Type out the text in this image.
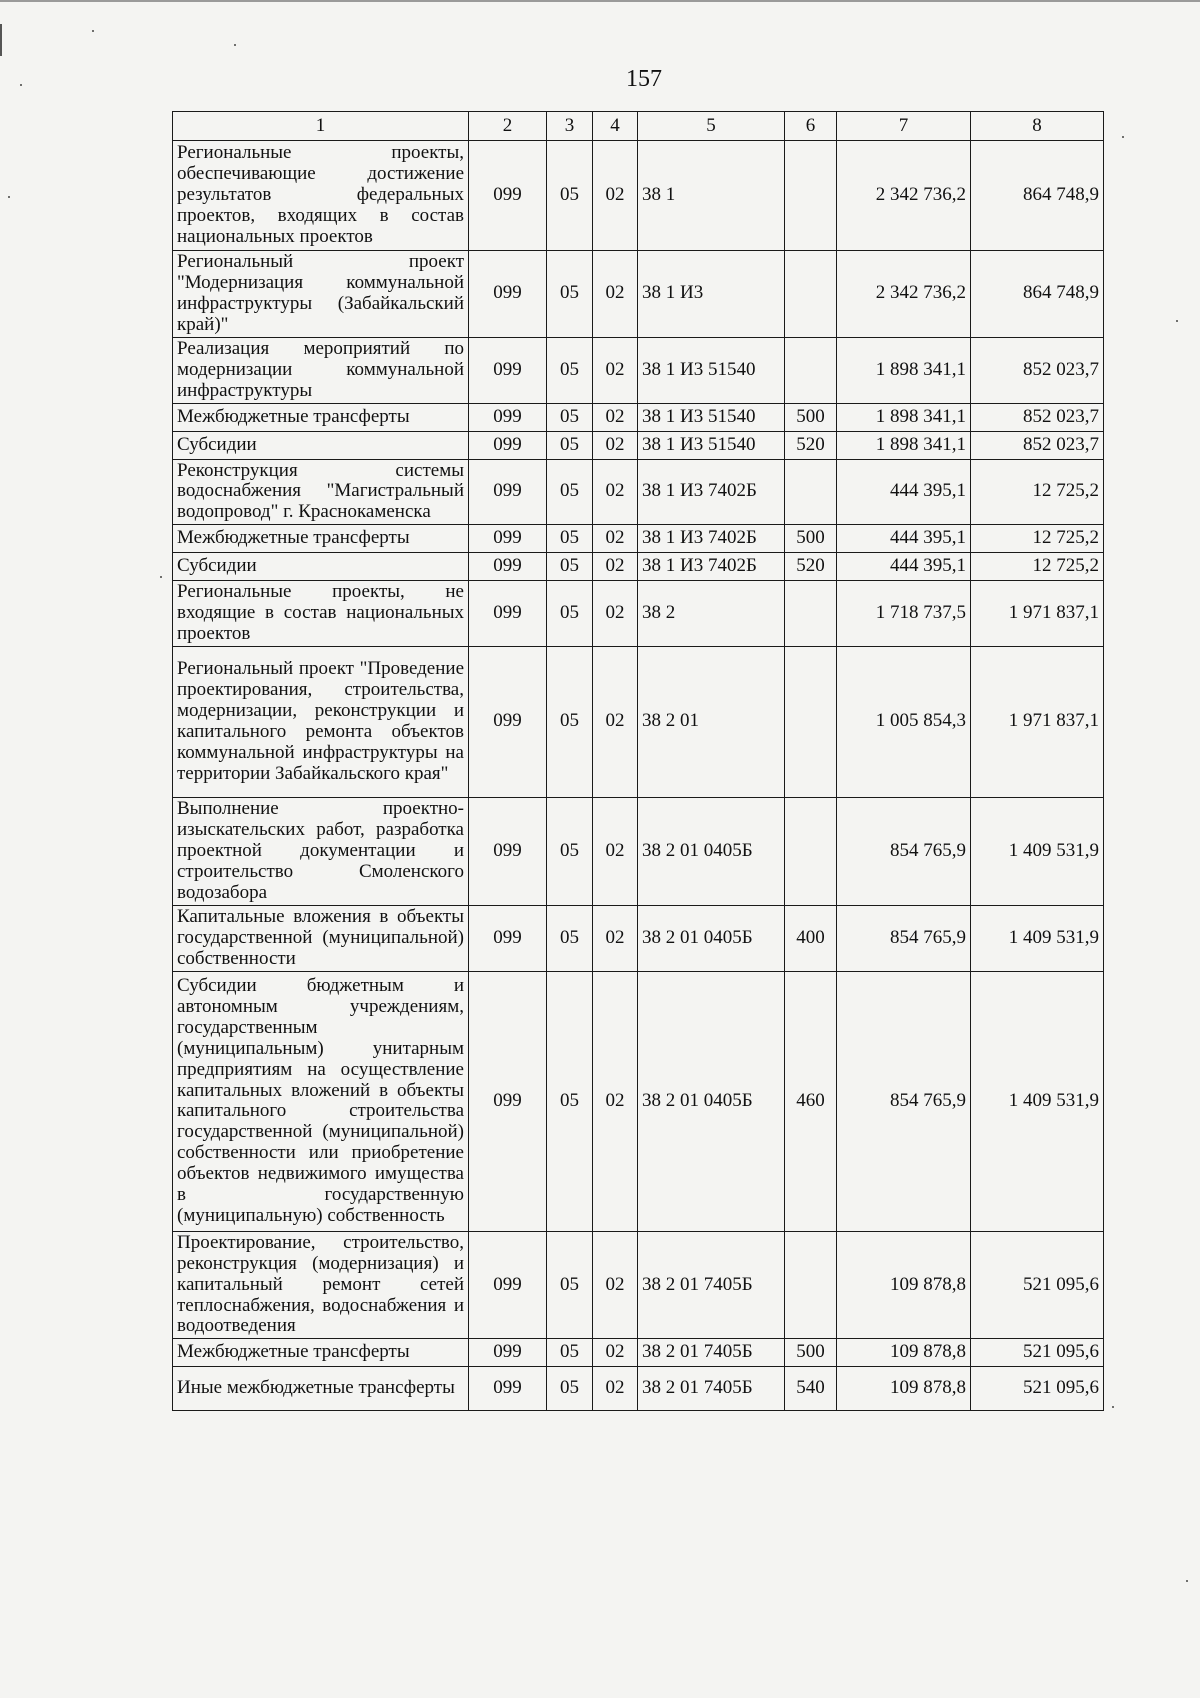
157
1	2	3	4	5	6	7	8
Региональные проекты, обеспечивающие достижение результатов федеральных проектов, входящих в состав национальных проектов	099	05	02	38 1		2 342 736,2	864 748,9
Региональный проект "Модернизация коммунальной инфраструктуры (Забайкальский край)"	099	05	02	38 1 И3		2 342 736,2	864 748,9
Реализация мероприятий по модернизации коммунальной инфраструктуры	099	05	02	38 1 И3 51540		1 898 341,1	852 023,7
Межбюджетные трансферты	099	05	02	38 1 И3 51540	500	1 898 341,1	852 023,7
Субсидии	099	05	02	38 1 И3 51540	520	1 898 341,1	852 023,7
Реконструкция системы водоснабжения "Магистральный водопровод" г. Краснокаменска	099	05	02	38 1 И3 7402Б		444 395,1	12 725,2
Межбюджетные трансферты	099	05	02	38 1 И3 7402Б	500	444 395,1	12 725,2
Субсидии	099	05	02	38 1 И3 7402Б	520	444 395,1	12 725,2
Региональные проекты, не входящие в состав национальных проектов	099	05	02	38 2		1 718 737,5	1 971 837,1
Региональный проект "Проведение проектирования, строительства, модернизации, реконструкции и капитального ремонта объектов коммунальной инфраструктуры на территории Забайкальского края"	099	05	02	38 2 01		1 005 854,3	1 971 837,1
Выполнение проектно-изыскательских работ, разработка проектной документации и строительство Смоленского водозабора	099	05	02	38 2 01 0405Б		854 765,9	1 409 531,9
Капитальные вложения в объекты государственной (муниципальной) собственности	099	05	02	38 2 01 0405Б	400	854 765,9	1 409 531,9
Субсидии бюджетным и автономным учреждениям, государственным (муниципальным) унитарным предприятиям на осуществление капитальных вложений в объекты капитального строительства государственной (муниципальной) собственности или приобретение объектов недвижимого имущества в государственную (муниципальную) собственность	099	05	02	38 2 01 0405Б	460	854 765,9	1 409 531,9
Проектирование, строительство, реконструкция (модернизация) и капитальный ремонт сетей теплоснабжения, водоснабжения и водоотведения	099	05	02	38 2 01 7405Б		109 878,8	521 095,6
Межбюджетные трансферты	099	05	02	38 2 01 7405Б	500	109 878,8	521 095,6
Иные межбюджетные трансферты	099	05	02	38 2 01 7405Б	540	109 878,8	521 095,6
